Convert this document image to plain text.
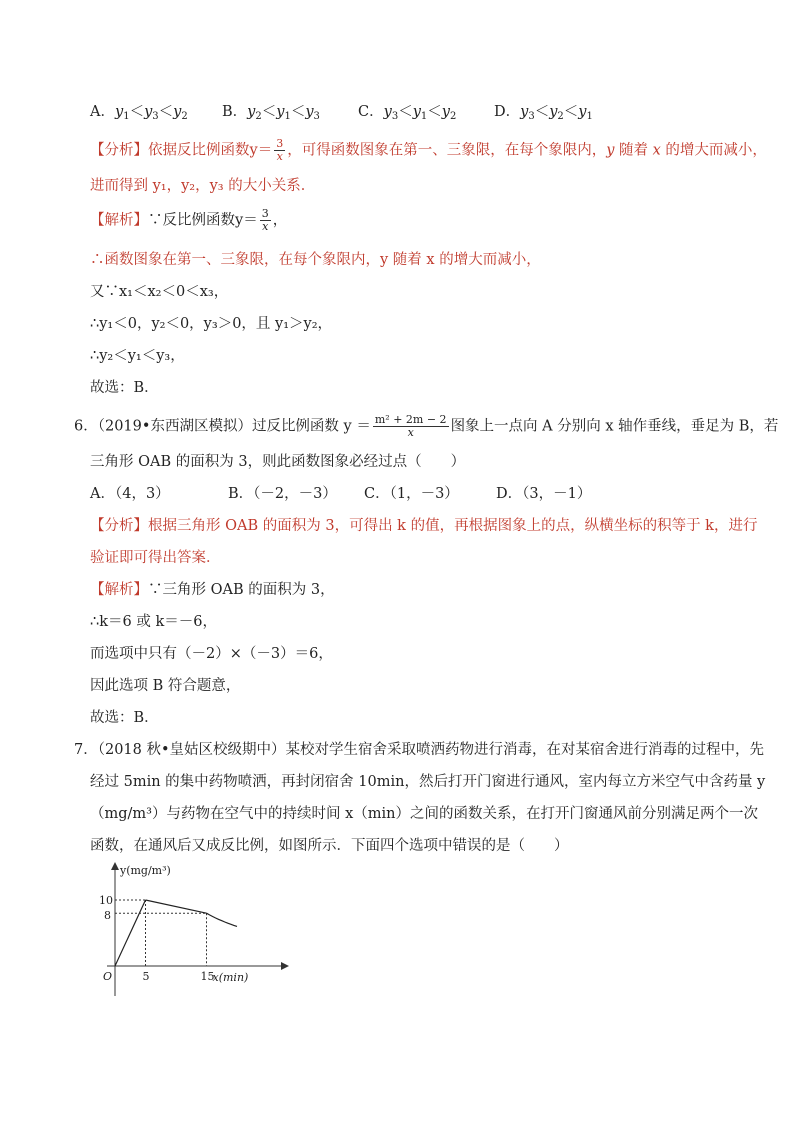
A．$y_1<y_3<y_2$ B．$y_2<y_1<y_3$	C．$y_3<y_1<y_2$	D．$y_3<y_2<y_1$
【分析】依据反比例函数$y= \frac{3}{x}$ ，可得函数图象在第一、三象限，在每个象限内，y 随着 x 的增大而减小，
进而得到 y₁，y₂，y₃ 的大小关系．
【解析】∵反比例函数$y= \frac{3}{x}$ ，
∴函数图象在第一、三象限，在每个象限内，y 随着 x 的增大而减小，
又∵x₁＜x₂＜0＜x₃，
∴y₁＜0，y₂＜0，y₃＞0，且 y₁＞y₂，
∴y₂＜y₁＜y₃，
故选：B．
6．（2019•东西湖区模拟）过反比例函数 $y = \frac{\text{m² + 2m − 2}}{x}$ 图象上一点向 A 分别向 x 轴作垂线，垂足为 B，若
三角形 OAB 的面积为 3，则此函数图象必经过点（　　）
A．（4，3）	B．（－2，－3） C．（1，－3）	D．（3，－1）
【分析】根据三角形 OAB 的面积为 3，可得出 k 的值，再根据图象上的点，纵横坐标的积等于 k，进行
验证即可得出答案．
【解析】∵三角形 OAB 的面积为 3，
∴k＝6 或 k＝－6，
而选项中只有（－2）×（－3）＝6，
因此选项 B 符合题意，
故选：B．
7．（2018 秋•皇姑区校级期中）某校对学生宿舍采取喷洒药物进行消毒，在对某宿舍进行消毒的过程中，先
经过 5min 的集中药物喷洒，再封闭宿舍 10min，然后打开门窗进行通风，室内每立方米空气中含药量 y
（mg/m³）与药物在空气中的持续时间 x（min）之间的函数关系，在打开门窗通风前分别满足两个一次
函数，在通风后又成反比例，如图所示．下面四个选项中错误的是（　　）
y(mg/m³)
x(min)
O	5	15
10
8
